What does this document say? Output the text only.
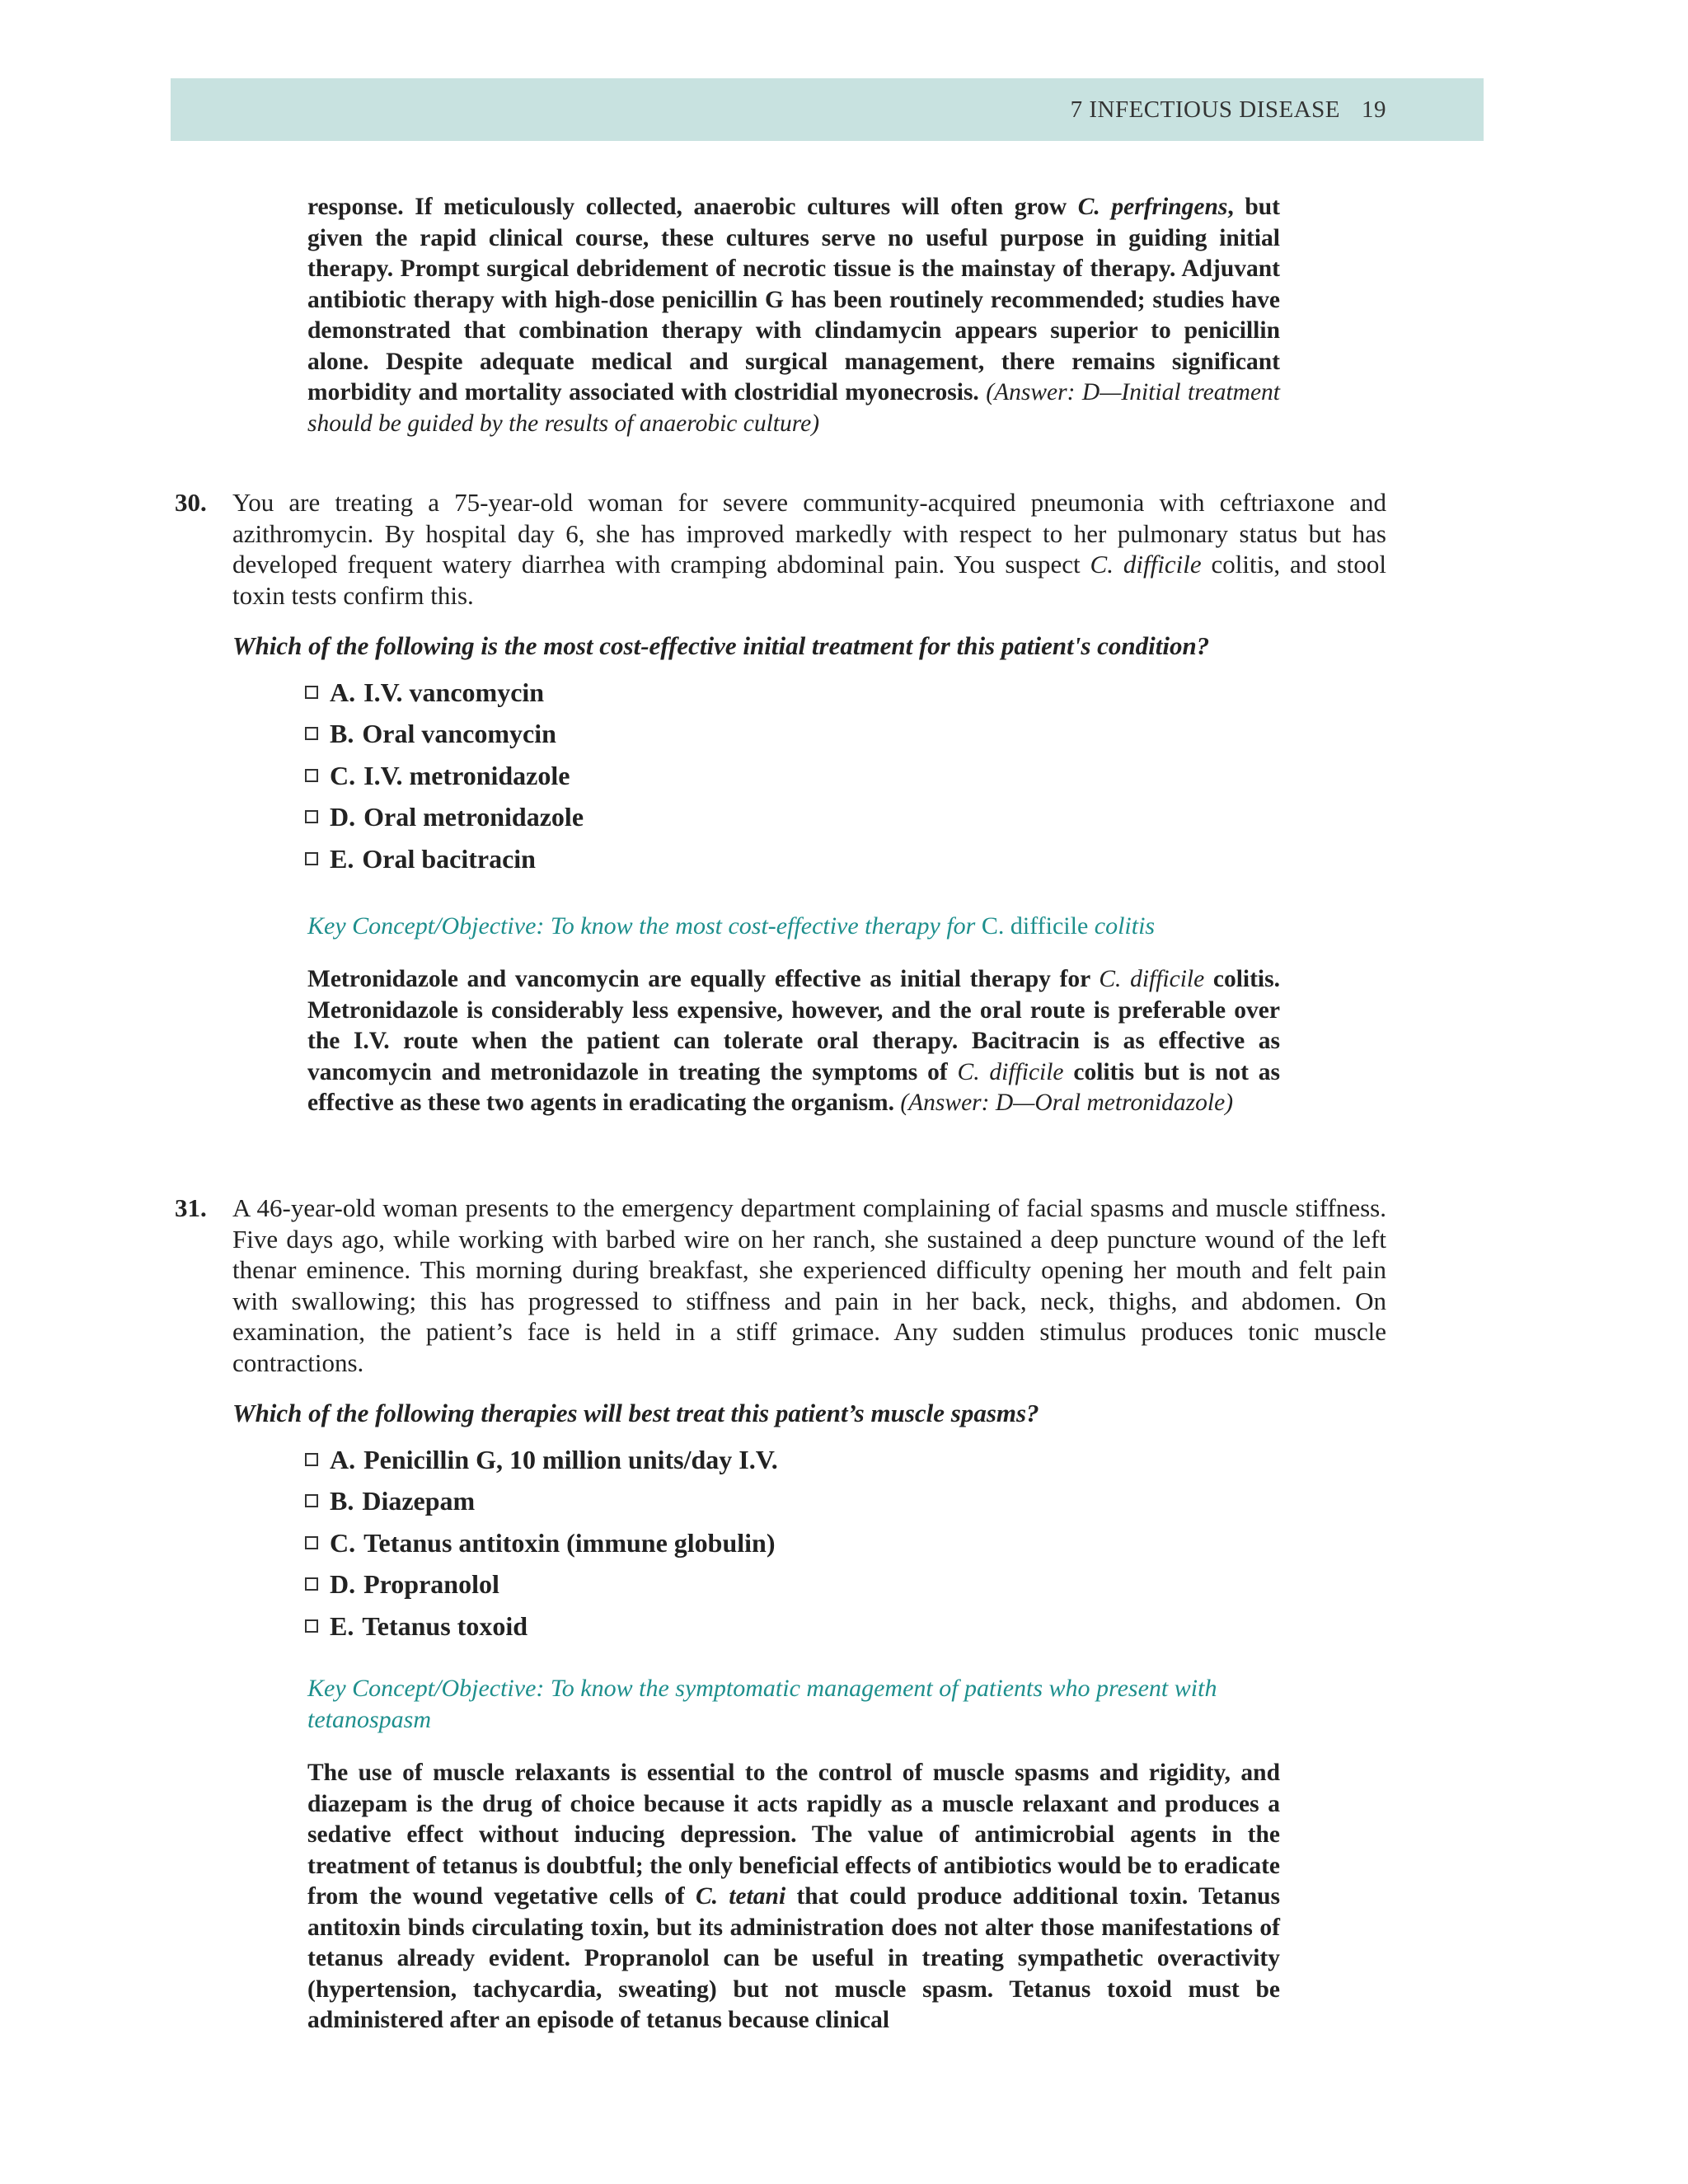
7 INFECTIOUS DISEASE 19

response. If meticulously collected, anaerobic cultures will often grow C. perfringens, but given the rapid clinical course, these cultures serve no useful purpose in guiding initial therapy. Prompt surgical debridement of necrotic tissue is the mainstay of therapy. Adjuvant antibiotic therapy with high-dose penicillin G has been routinely recommended; studies have demonstrated that combination therapy with clindamycin appears superior to penicillin alone. Despite adequate medical and surgical management, there remains significant morbidity and mortality associated with clostridial myonecrosis. (Answer: D—Initial treatment should be guided by the results of anaerobic culture)

30. You are treating a 75-year-old woman for severe community-acquired pneumonia with ceftriaxone and azithromycin. By hospital day 6, she has improved markedly with respect to her pulmonary status but has developed frequent watery diarrhea with cramping abdominal pain. You suspect C. difficile colitis, and stool toxin tests confirm this.

Which of the following is the most cost-effective initial treatment for this patient's condition?

A. I.V. vancomycin
B. Oral vancomycin
C. I.V. metronidazole
D. Oral metronidazole
E. Oral bacitracin

Key Concept/Objective: To know the most cost-effective therapy for C. difficile colitis

Metronidazole and vancomycin are equally effective as initial therapy for C. difficile colitis. Metronidazole is considerably less expensive, however, and the oral route is preferable over the I.V. route when the patient can tolerate oral therapy. Bacitracin is as effective as vancomycin and metronidazole in treating the symptoms of C. difficile colitis but is not as effective as these two agents in eradicating the organism. (Answer: D—Oral metronidazole)

31. A 46-year-old woman presents to the emergency department complaining of facial spasms and muscle stiffness. Five days ago, while working with barbed wire on her ranch, she sustained a deep puncture wound of the left thenar eminence. This morning during breakfast, she experienced difficulty opening her mouth and felt pain with swallowing; this has progressed to stiffness and pain in her back, neck, thighs, and abdomen. On examination, the patient’s face is held in a stiff grimace. Any sudden stimulus produces tonic muscle contractions.

Which of the following therapies will best treat this patient’s muscle spasms?

A. Penicillin G, 10 million units/day I.V.
B. Diazepam
C. Tetanus antitoxin (immune globulin)
D. Propranolol
E. Tetanus toxoid

Key Concept/Objective: To know the symptomatic management of patients who present with tetanospasm

The use of muscle relaxants is essential to the control of muscle spasms and rigidity, and diazepam is the drug of choice because it acts rapidly as a muscle relaxant and produces a sedative effect without inducing depression. The value of antimicrobial agents in the treatment of tetanus is doubtful; the only beneficial effects of antibiotics would be to eradicate from the wound vegetative cells of C. tetani that could produce additional toxin. Tetanus antitoxin binds circulating toxin, but its administration does not alter those manifestations of tetanus already evident. Propranolol can be useful in treating sympathetic overactivity (hypertension, tachycardia, sweating) but not muscle spasm. Tetanus toxoid must be administered after an episode of tetanus because clinical
